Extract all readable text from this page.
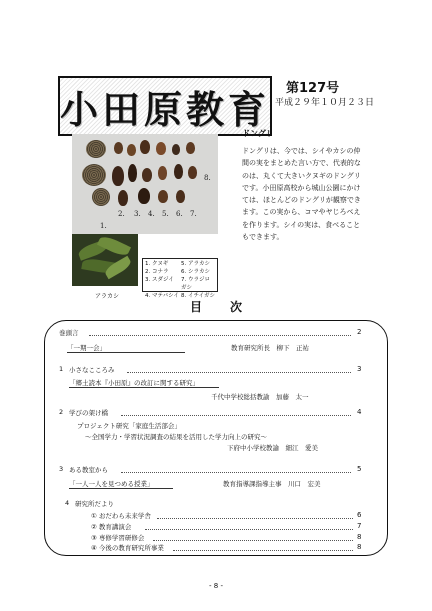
小田原教育 第127号
平成２９年１０月２３日
1.
2. 3. 4. 5. 6. 7.
8.
アラカシ
1. クヌギ	5. アラカシ
2. コナラ	6. シラカシ
3. スダジイ	7. ウラジロガシ
4. マテバシイ 8. イチイガシ
ドングリ
ドングリは、今では、シイやカシの仲間の実をまとめた言い方で、代表的なのは、丸くて大きいクヌギのドングリです。小田原高校から城山公園にかけては、ほとんどのドングリが観察できます。この実から、コマやヤじろべえを作ります。シイの実は、食べることもできます。
目　次
巻頭言	2
「一期一会」	教育研究所長　柳下　正祐
1 小さなこころみ	3
「郷土読本『小田原』の改訂に関する研究」
千代中学校総括教諭　加藤　太一
2 学びの架け橋	4
プロジェクト研究「家庭生活部会」
～全国学力・学習状況調査の結果を活用した学力向上の研究～
下府中小学校教諭　細江　愛美
3 ある教室から	5
「一人一人を見つめる授業」	教育指導課指導主事　川口　宏美
4 研究所だより
① おだわら未来学舎	6
② 教育講演会	7
③ 専修学習研修会	8
④ 今後の教育研究所事業	8
- 8 -
